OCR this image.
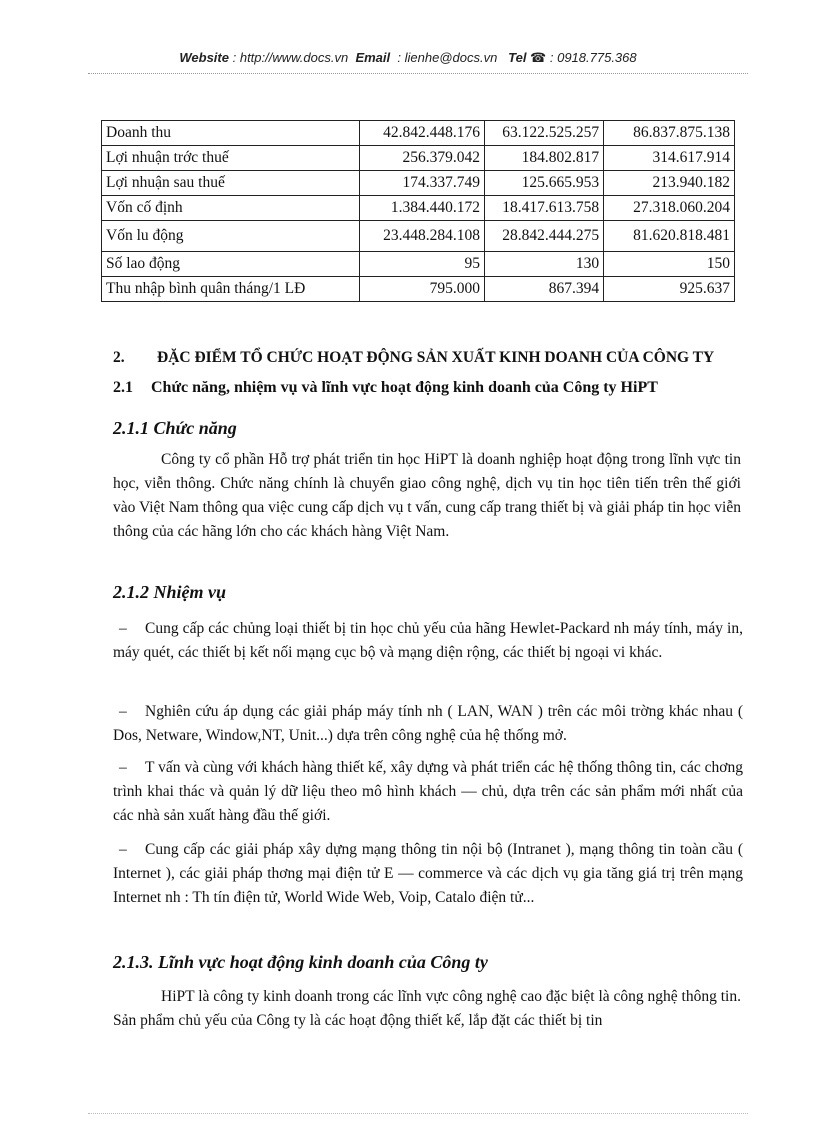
Website : http://www.docs.vn Email : lienhe@docs.vn Tel ☎ : 0918.775.368
Doanh thu	42.842.448.176	63.122.525.257	86.837.875.138
Lợi nhuận trớc thuế	256.379.042	184.802.817	314.617.914
Lợi nhuận sau thuế	174.337.749	125.665.953	213.940.182
Vốn cố định	1.384.440.172	18.417.613.758	27.318.060.204
Vốn lu động	23.448.284.108	28.842.444.275	81.620.818.481
Số lao động	95	130	150
Thu nhập bình quân tháng/1 LĐ	795.000	867.394	925.637
2. ĐẶC ĐIỂM TỔ CHỨC HOẠT ĐỘNG SẢN XUẤT KINH DOANH CỦA CÔNG TY
2.1 Chức năng, nhiệm vụ và lĩnh vực hoạt động kinh doanh của Công ty HiPT
2.1.1 Chức năng

Công ty cổ phần Hỗ trợ phát triển tin học HiPT là doanh nghiệp hoạt động trong lĩnh vực tin học, viễn thông. Chức năng chính là chuyển giao công nghệ, dịch vụ tin học tiên tiến trên thế giới vào Việt Nam thông qua việc cung cấp dịch vụ t vấn, cung cấp trang thiết bị và giải pháp tin học viễn thông của các hãng lớn cho các khách hàng Việt Nam.

2.1.2 Nhiệm vụ

– Cung cấp các chủng loại thiết bị tin học chủ yếu của hãng Hewlet-Packard nh máy tính, máy in, máy quét, các thiết bị kết nối mạng cục bộ và mạng diện rộng, các thiết bị ngoại vi khác.

– Nghiên cứu áp dụng các giải pháp máy tính nh ( LAN, WAN ) trên các môi trờng khác nhau ( Dos, Netware, Window,NT, Unit...) dựa trên công nghệ của hệ thống mở.

– T vấn và cùng với khách hàng thiết kế, xây dựng và phát triển các hệ thống thông tin, các chơng trình khai thác và quản lý dữ liệu theo mô hình khách — chủ, dựa trên các sản phẩm mới nhất của các nhà sản xuất hàng đầu thế giới.

– Cung cấp các giải pháp xây dựng mạng thông tin nội bộ (Intranet ), mạng thông tin toàn cầu ( Internet ), các giải pháp thơng mại điện tử E — commerce và các dịch vụ gia tăng giá trị trên mạng Internet nh : Th tín điện tử, World Wide Web, Voip, Catalo điện tử...

2.1.3. Lĩnh vực hoạt động kinh doanh của Công ty

HiPT là công ty kinh doanh trong các lĩnh vực công nghệ cao đặc biệt là công nghệ thông tin. Sản phẩm chủ yếu của Công ty là các hoạt động thiết kế, lắp đặt các thiết bị tin
